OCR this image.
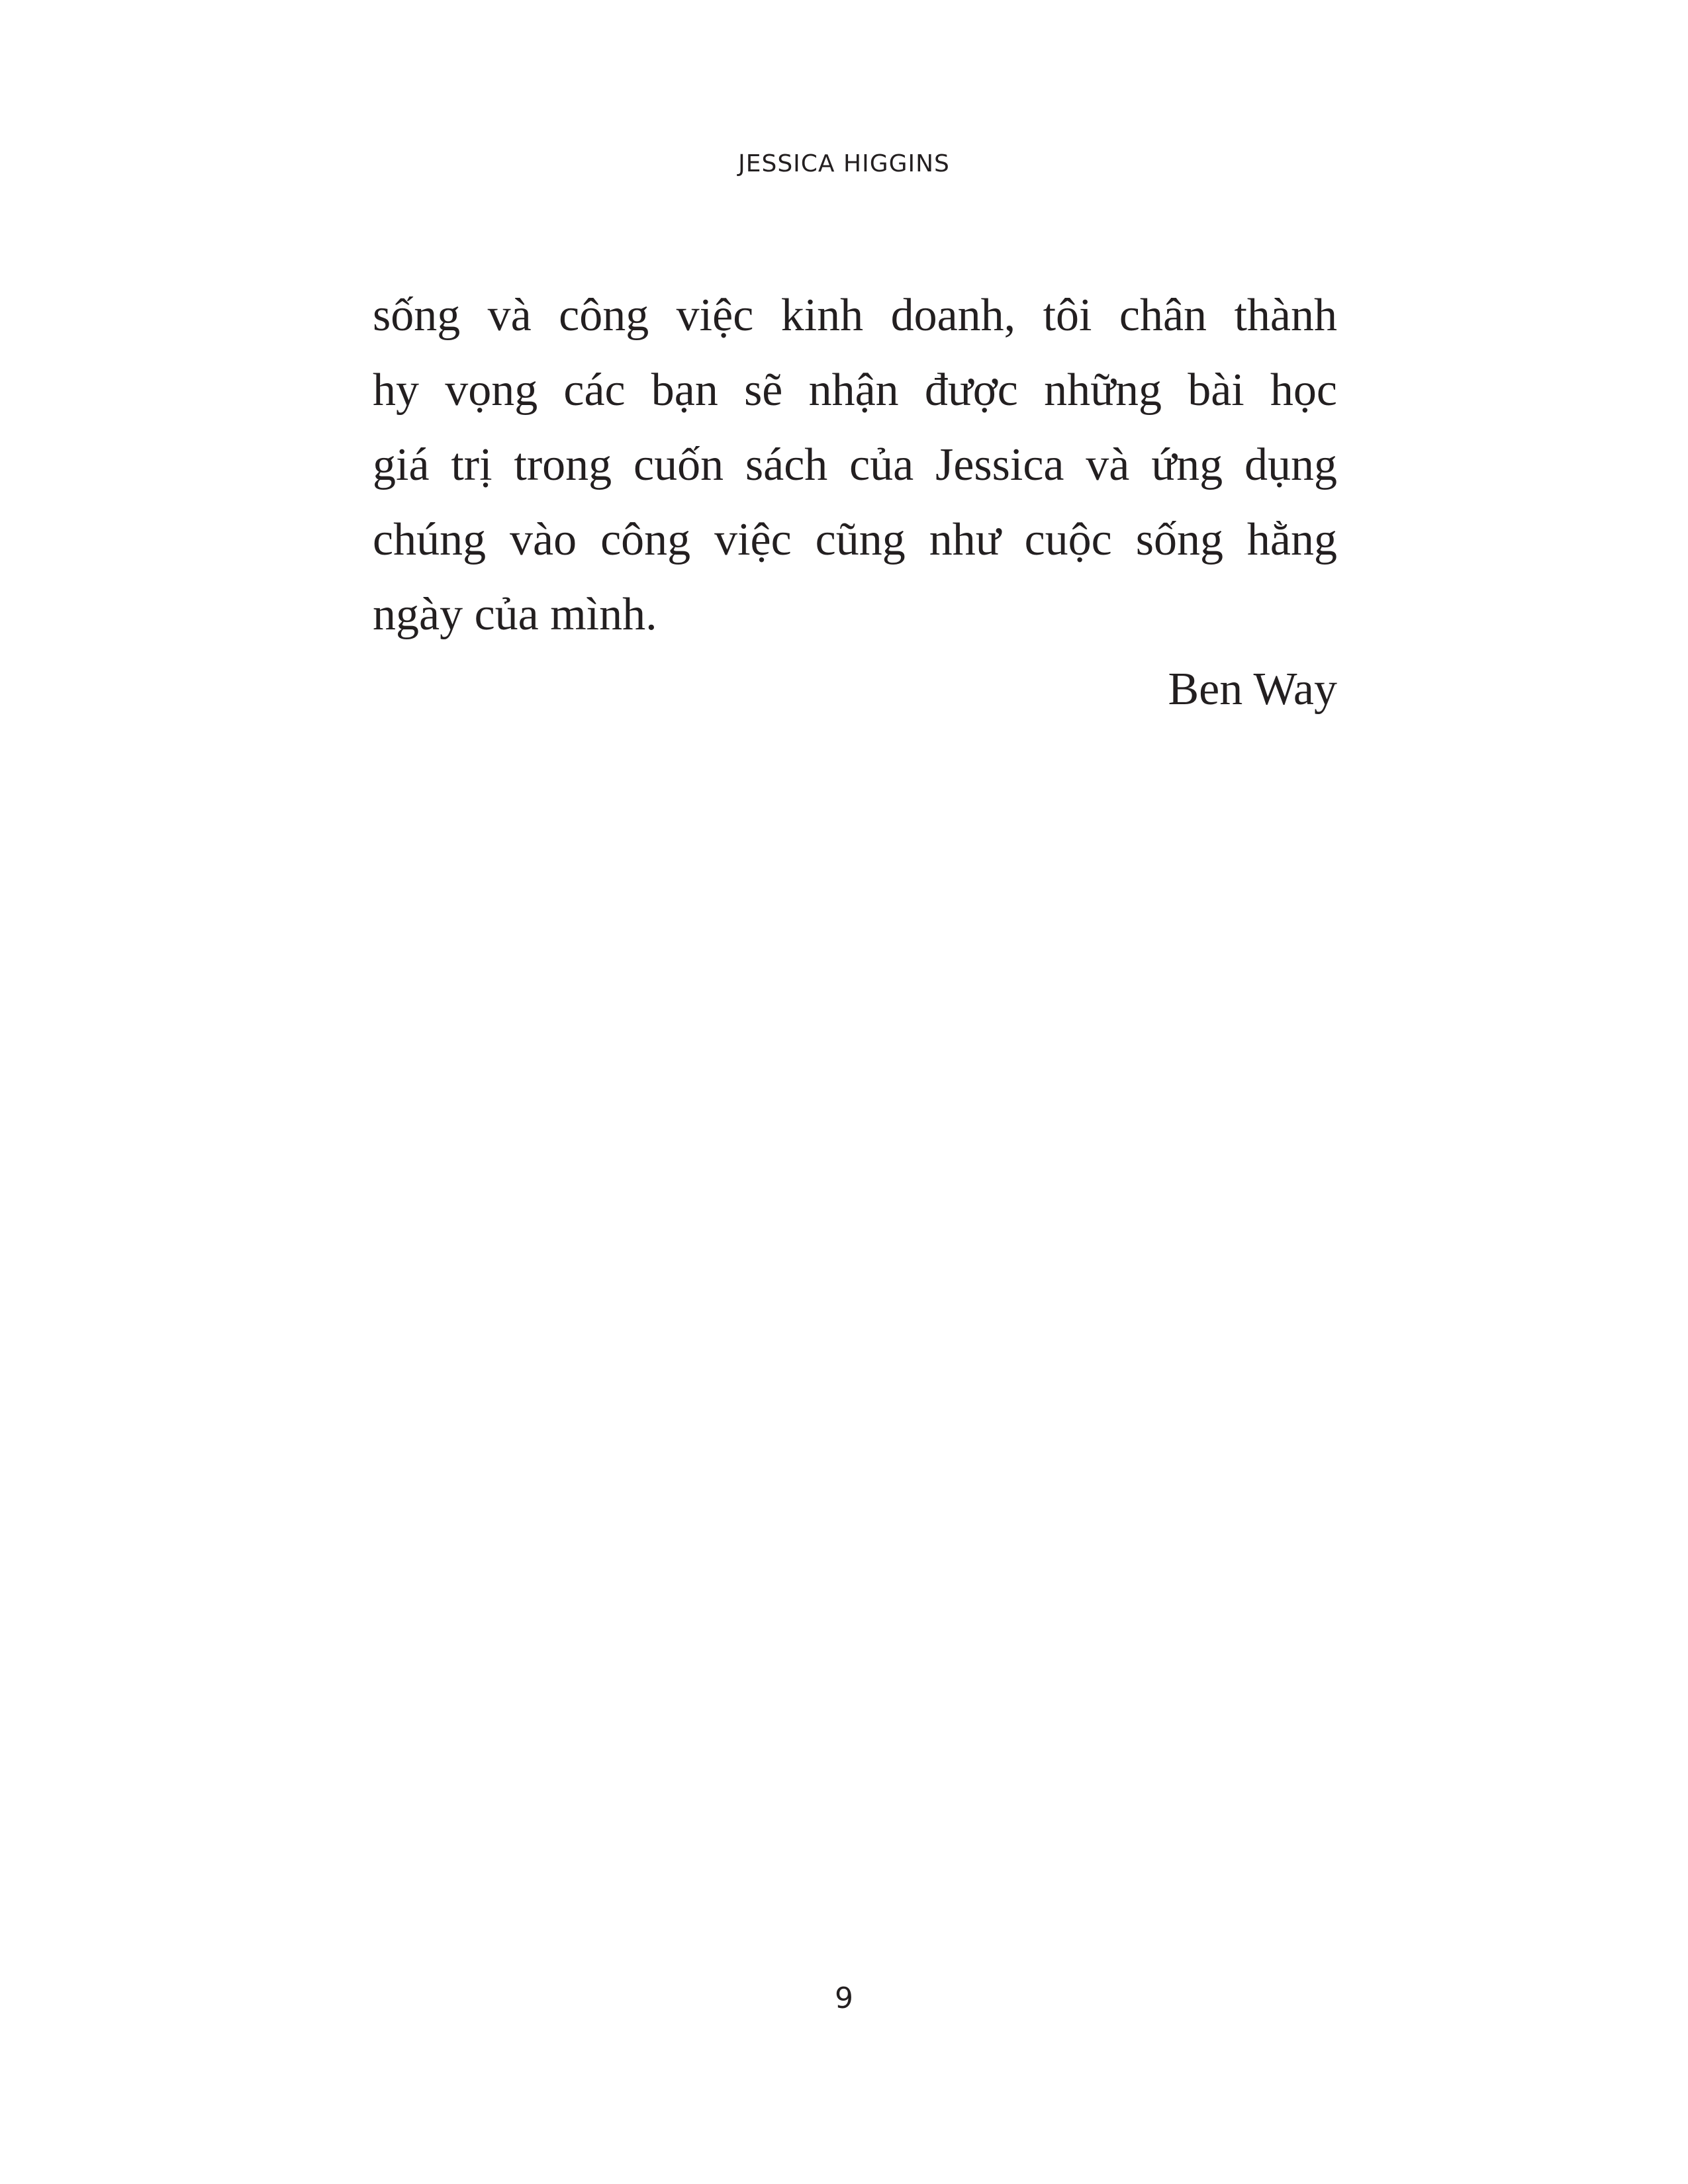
JESSICA HIGGINS
sống và công việc kinh doanh, tôi chân thành
hy vọng các bạn sẽ nhận được những bài học
giá trị trong cuốn sách của Jessica và ứng dụng
chúng vào công việc cũng như cuộc sống hằng
ngày của mình.
Ben Way
9
